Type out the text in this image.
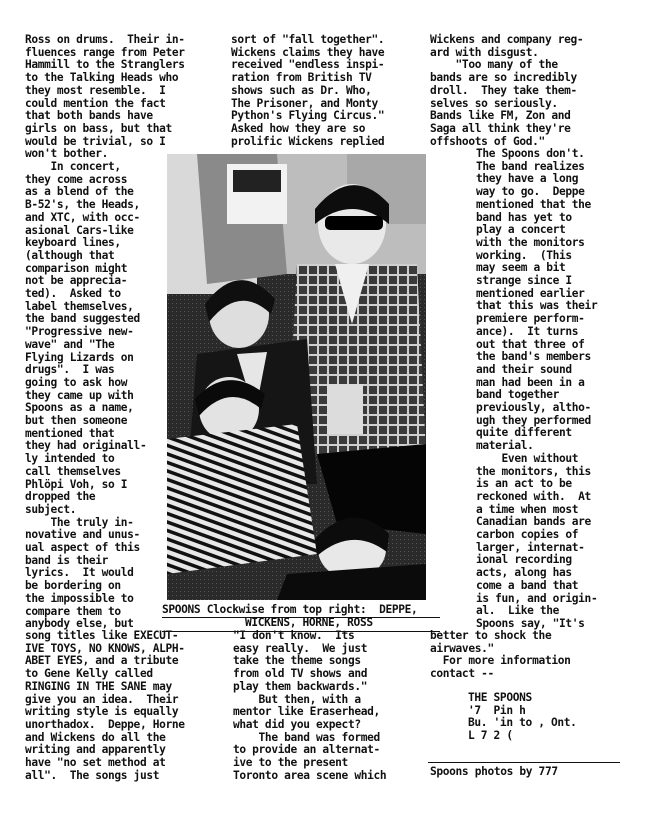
Ross on drums.  Their in-
fluences range from Peter
Hammill to the Stranglers
to the Talking Heads who
they most resemble.  I
could mention the fact
that both bands have
girls on bass, but that
would be trivial, so I
won't bother.
In concert,
they come across
as a blend of the
B-52's, the Heads,
and XTC, with occ-
asional Cars-like
keyboard lines,
(although that
comparison might
not be apprecia-
ted).  Asked to
label themselves,
the band suggested
"Progressive new-
wave" and "The
Flying Lizards on
drugs".  I was
going to ask how
they came up with
Spoons as a name,
but then someone
mentioned that
they had originall-
ly intended to
call themselves
Phlöpi Voh, so I
dropped the
subject.
The truly in-
novative and unus-
ual aspect of this
band is their
lyrics.  It would
be bordering on
the impossible to
compare them to
anybody else, but
song titles like EXECUT-
IVE TOYS, NO KNOWS, ALPH-
ABET EYES, and a tribute
to Gene Kelly called
RINGING IN THE SANE may
give you an idea.  Their
writing style is equally
unorthadox.  Deppe, Horne
and Wickens do all the
writing and apparently
have "no set method at
all".  The songs just
sort of "fall together".
Wickens claims they have
received "endless inspi-
ration from British TV
shows such as Dr. Who,
The Prisoner, and Monty
Python's Flying Circus."
Asked how they are so
prolific Wickens replied
"I don't know.  Its
easy really.  We just
take the theme songs
from old TV shows and
play them backwards."
But then, with a
mentor like Eraserhead,
what did you expect?
The band was formed
to provide an alternat-
ive to the present
Toronto area scene which
Wickens and company reg-
ard with disgust.
"Too many of the
bands are so incredibly
droll.  They take them-
selves so seriously.
Bands like FM, Zon and
Saga all think they're
offshoots of God."
The Spoons don't.
The band realizes
they have a long
way to go.  Deppe
mentioned that the
band has yet to
play a concert
with the monitors
working.  (This
may seem a bit
strange since I
mentioned earlier
that this was their
premiere perform-
ance).  It turns
out that three of
the band's members
and their sound
man had been in a
band together
previously, altho-
ugh they performed
quite different
material.
Even without
the monitors, this
is an act to be
reckoned with.  At
a time when most
Canadian bands are
carbon copies of
larger, internat-
ional recording
acts, along has
come a band that
is fun, and origin-
al.  Like the
Spoons say, "It's
better to shock the
airwaves."
For more information
contact --
THE SPOONS
'7  Pin h
Bu. 'in to , Ont.
L 7 2 (
SPOONS Clockwise from top right:  DEPPE,
WICKENS, HORNE, ROSS
Spoons photos by 777
